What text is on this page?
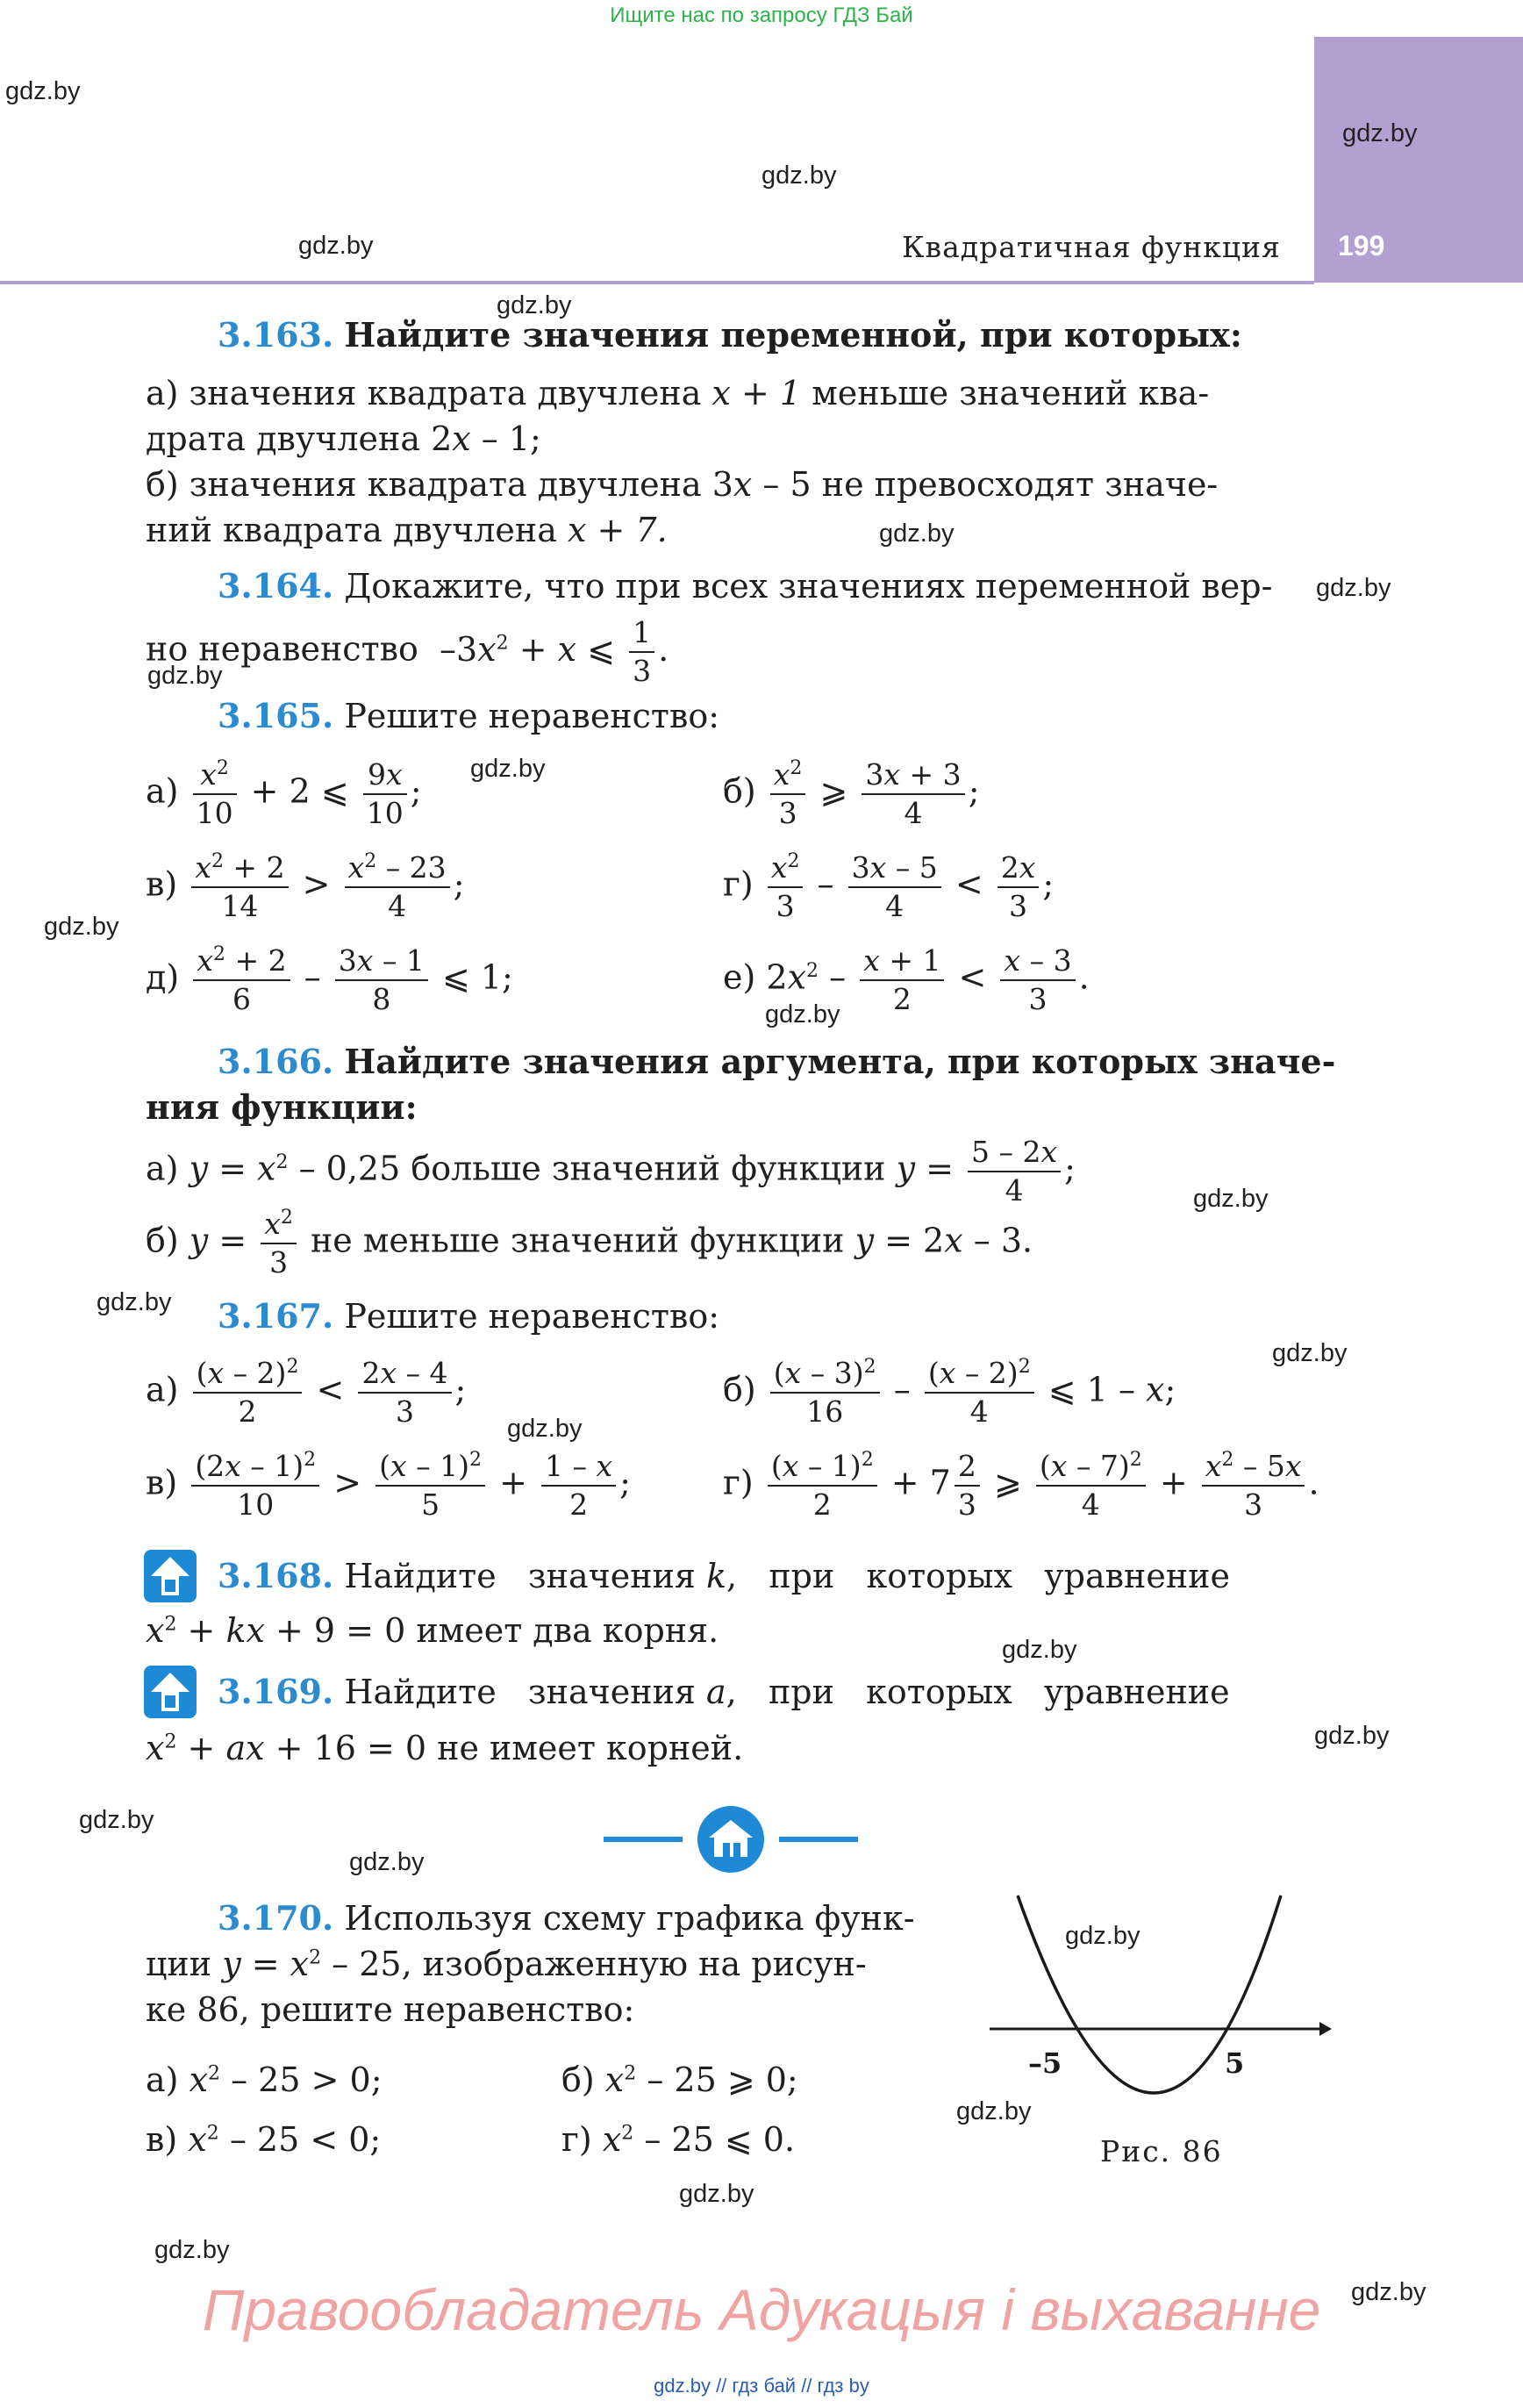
Ищите нас по запросу ГДЗ Бай
199
Квадратичная функция
gdz.by
gdz.by
gdz.by
gdz.by
gdz.by
gdz.by
gdz.by
gdz.by
gdz.by
gdz.by
gdz.by
gdz.by
gdz.by
gdz.by
gdz.by
gdz.by
gdz.by
gdz.by
gdz.by
gdz.by
gdz.by
gdz.by
gdz.by
gdz.by
3.163. Найдите значения переменной, при которых:
а) значения квадрата двучлена x + 1 меньше значений ква-
драта двучлена 2x – 1;
б) значения квадрата двучлена 3x – 5 не превосходят значе-
ний квадрата двучлена x + 7.
3.164. Докажите, что при всех значениях переменной вер-
но неравенство  $-3x^2 + x$ ⩽ $\frac{1}{3}$ .
3.165. Решите неравенство:
$а) \frac{x^2}{10} + 2$ ⩽ $\frac{9x}{10}$ ;	$б) \frac{x^2}{3}$ ⩾ $\frac{3x + 3}{4}$ ;
$в) \frac{x^2 + 2}{14} > \frac{x^2 - 23}{4}$ ;	$г) \frac{x^2}{3} - \frac{3x - 5}{4} < \frac{2x}{3}$ ;
$д) \frac{x^2 + 2}{6} - \frac{3x - 1}{8}$ ⩽ 1;	е) $2x^2 - \frac{x + 1}{2} < \frac{x - 3}{3}$ .
3.166. Найдите значения аргумента, при которых значе-
ния функции:
а) $y = x^2 - 0,25$ больше значений функции $y = \frac{5 - 2x}{4}$ ;
б) $y = \frac{x^2}{3}$ не меньше значений функции y = 2x – 3.
3.167. Решите неравенство:
$а) \frac{(x - 2)^2}{2} < \frac{2x - 4}{3}$ ;	$б) \frac{(x - 3)^2}{16} - \frac{(x - 2)^2}{4}$ ⩽ 1 – x;
$в) \frac{(2x - 1)^2}{10} > \frac{(x - 1)^2}{5} + \frac{1 - x}{2}$ ;	$г) \frac{(x - 1)^2}{2} + 7 \frac{2}{3}$ ⩾ $\frac{(x - 7)^2}{4} + \frac{x^2 - 5x}{3}$ .
3.168. Найдите   значения k,   при   которых   уравнение
$x^2$ + kx + 9 = 0 имеет два корня.
3.169. Найдите   значения a,   при   которых   уравнение
$x^2$ + ax + 16 = 0 не имеет корней.
3.170. Используя схему графика функ-
ции $y = x^2 - 25$, изображенную на рисун-
ке 86, решите неравенство:
а) $x^2 - 25 > 0$;	б) $x^2 - 25$ ⩾ 0;
в) $x^2 - 25 < 0$;	г) $x^2 - 25$ ⩽ 0.
–5	5
Рис. 86
Правообладатель Адукацыя і выхаванне
gdz.by // гдз бай // гдз by
